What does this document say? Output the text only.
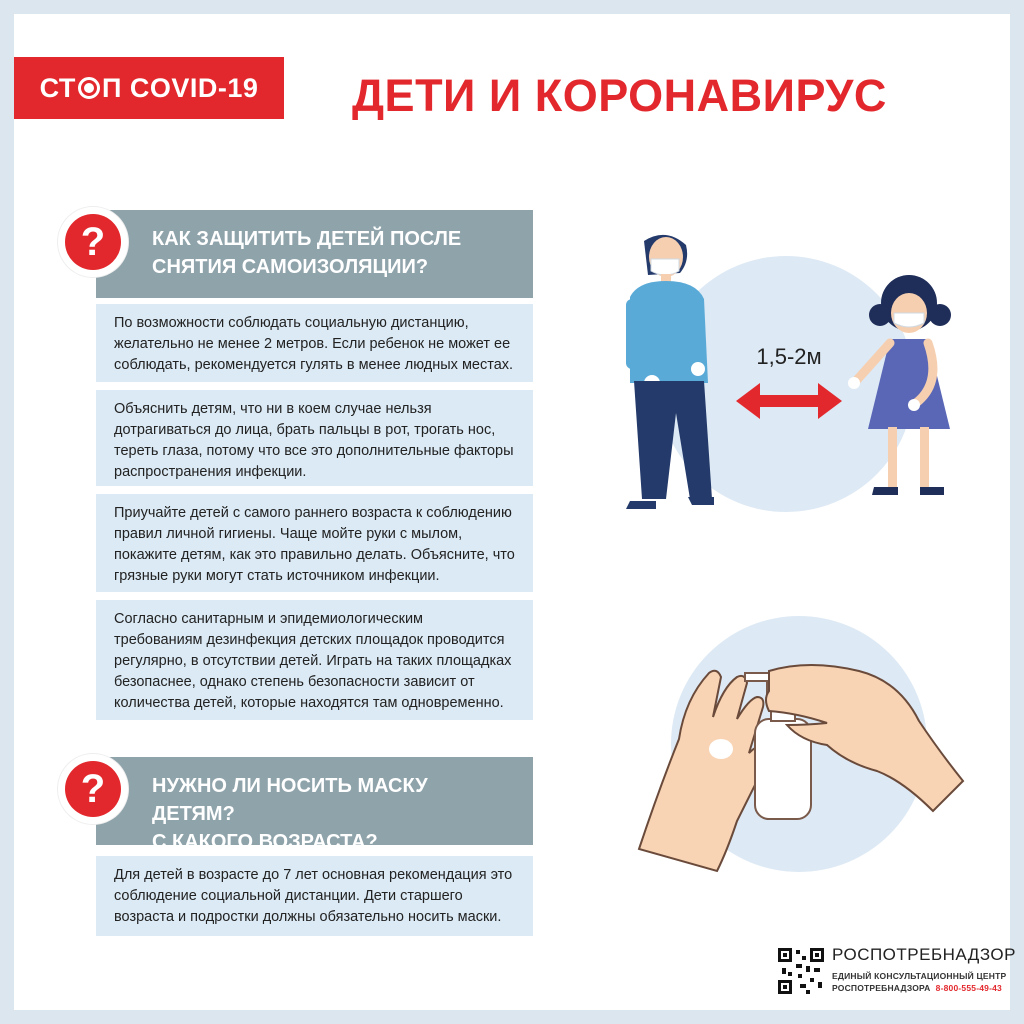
СТ П COVID-19 ДЕТИ И КОРОНАВИРУС
КАК ЗАЩИТИТЬ ДЕТЕЙ ПОСЛЕ
СНЯТИЯ САМОИЗОЛЯЦИИ?
?
По возможности соблюдать социальную дистанцию,
желательно не менее 2 метров. Если ребенок не может ее
соблюдать, рекомендуется гулять в менее людных местах.
Объяснить детям, что ни в коем случае нельзя
дотрагиваться до лица, брать пальцы в рот, трогать нос,
тереть глаза, потому что все это дополнительные факторы
распространения инфекции.
Приучайте детей с самого раннего возраста к соблюдению
правил личной гигиены. Чаще мойте руки с мылом,
покажите детям, как это правильно делать. Объясните, что
грязные руки могут стать источником инфекции.
Согласно санитарным и эпидемиологическим
требованиям дезинфекция детских площадок проводится
регулярно, в отсутствии детей. Играть на таких площадках
безопаснее, однако степень безопасности зависит от
количества детей, которые находятся там одновременно.
НУЖНО ЛИ НОСИТЬ МАСКУ ДЕТЯМ?
С КАКОГО ВОЗРАСТА?
?
Для детей в возрасте до 7 лет основная рекомендация это
соблюдение социальной дистанции. Дети старшего
возраста и подростки должны обязательно носить маски.
1,5-2м
РОСПОТРЕБНАДЗОР
ЕДИНЫЙ КОНСУЛЬТАЦИОННЫЙ ЦЕНТР
РОСПОТРЕБНАДЗОРА 8-800-555-49-43
